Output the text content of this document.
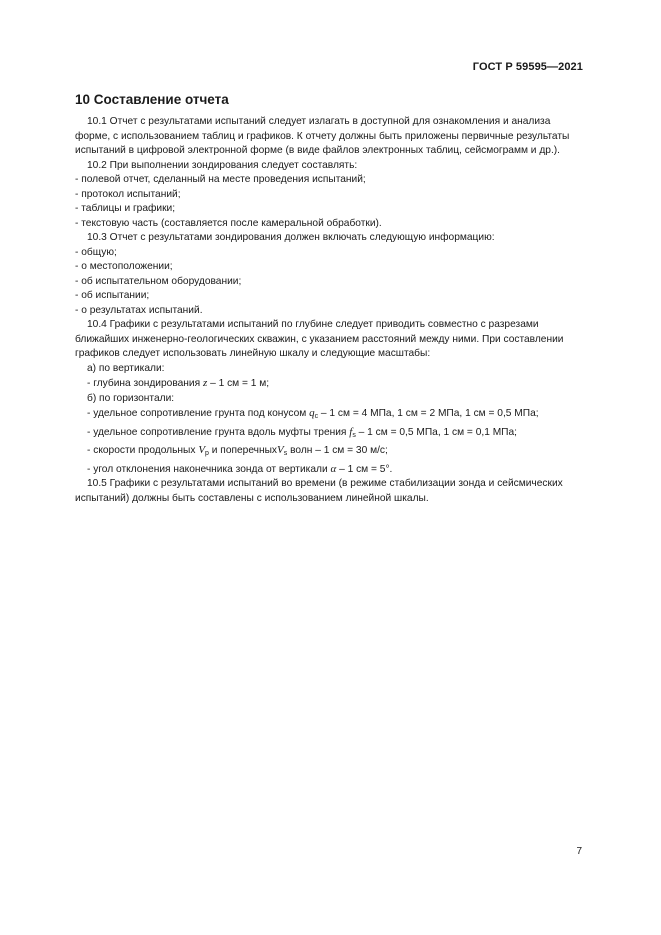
ГОСТ Р 59595—2021
10 Составление отчета

10.1 Отчет с результатами испытаний следует излагать в доступной для ознакомления и анализа

форме, с использованием таблиц и графиков. К отчету должны быть приложены первичные результаты

испытаний в цифровой электронной форме (в виде файлов электронных таблиц, сейсмограмм и др.).

10.2 При выполнении зондирования следует составлять:

- полевой отчет, сделанный на месте проведения испытаний;

- протокол испытаний;

- таблицы и графики;

- текстовую часть (составляется после камеральной обработки).

10.3 Отчет с результатами зондирования должен включать следующую информацию:

- общую;

- о местоположении;

- об испытательном оборудовании;

- об испытании;

- о результатах испытаний.

10.4 Графики с результатами испытаний по глубине следует приводить совместно с разрезами

ближайших инженерно-геологических скважин, с указанием расстояний между ними. При составлении

графиков следует использовать линейную шкалу и следующие масштабы:

а) по вертикали:

- глубина зондирования z – 1 см = 1 м;

б) по горизонтали:

- удельное сопротивление грунта под конусом $q_c - 1$ см = 4 МПа, 1 см = 2 МПа, 1 см = 0,5 МПа;

- удельное сопротивление грунта вдоль муфты трения $f_s - 1$ см = 0,5 МПа, 1 см = 0,1 МПа;

- скорости продольных $V_p$ и поперечныхV$_s$ волн – 1 см = 30 м/с;

- угол отклонения наконечника зонда от вертикали α – 1 см = 5°.

10.5 Графики с результатами испытаний во времени (в режиме стабилизации зонда и сейсмических

испытаний) должны быть составлены с использованием линейной шкалы.

7
